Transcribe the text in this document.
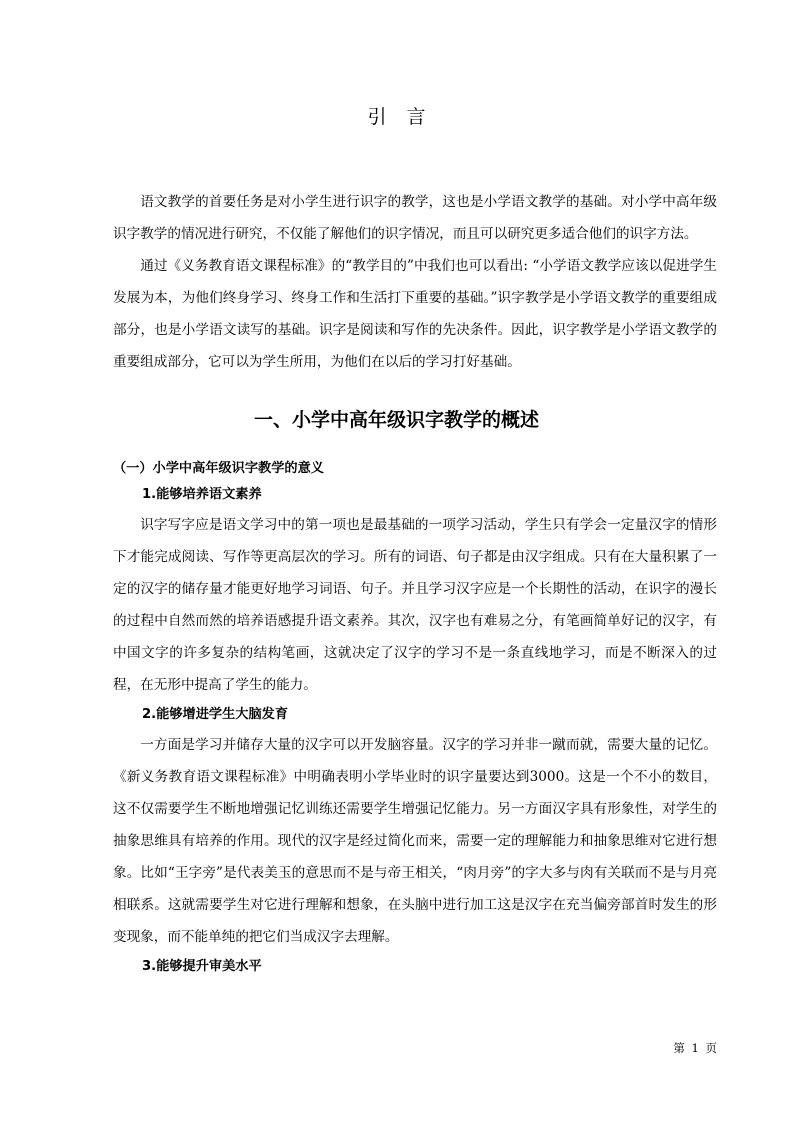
引言

语文教学的首要任务是对小学生进行识字的教学，这也是小学语文教学的基础。对小学中高年级识字教学的情况进行研究，不仅能了解他们的识字情况，而且可以研究更多适合他们的识字方法。

通过《义务教育语文课程标准》的“教学目的”中我们也可以看出: “小学语文教学应该以促进学生发展为本，为他们终身学习、终身工作和生活打下重要的基础。”识字教学是小学语文教学的重要组成部分，也是小学语文读写的基础。识字是阅读和写作的先决条件。因此，识字教学是小学语文教学的重要组成部分，它可以为学生所用，为他们在以后的学习打好基础。

一、小学中高年级识字教学的概述
（一）小学中高年级识字教学的意义
1.能够培养语文素养

识字写字应是语文学习中的第一项也是最基础的一项学习活动，学生只有学会一定量汉字的情形下才能完成阅读、写作等更高层次的学习。所有的词语、句子都是由汉字组成。只有在大量积累了一定的汉字的储存量才能更好地学习词语、句子。并且学习汉字应是一个长期性的活动，在识字的漫长的过程中自然而然的培养语感提升语文素养。其次，汉字也有难易之分，有笔画简单好记的汉字，有中国文字的许多复杂的结构笔画，这就决定了汉字的学习不是一条直线地学习，而是不断深入的过程，在无形中提高了学生的能力。

2.能够增进学生大脑发育

一方面是学习并储存大量的汉字可以开发脑容量。汉字的学习并非一蹴而就，需要大量的记忆。《新义务教育语文课程标准》中明确表明小学毕业时的识字量要达到3000。这是一个不小的数目，这不仅需要学生不断地增强记忆训练还需要学生增强记忆能力。另一方面汉字具有形象性，对学生的抽象思维具有培养的作用。现代的汉字是经过简化而来，需要一定的理解能力和抽象思维对它进行想象。比如“王字旁”是代表美玉的意思而不是与帝王相关，“肉月旁”的字大多与肉有关联而不是与月亮相联系。这就需要学生对它进行理解和想象，在头脑中进行加工这是汉字在充当偏旁部首时发生的形变现象，而不能单纯的把它们当成汉字去理解。

3.能够提升审美水平
第 1 页
